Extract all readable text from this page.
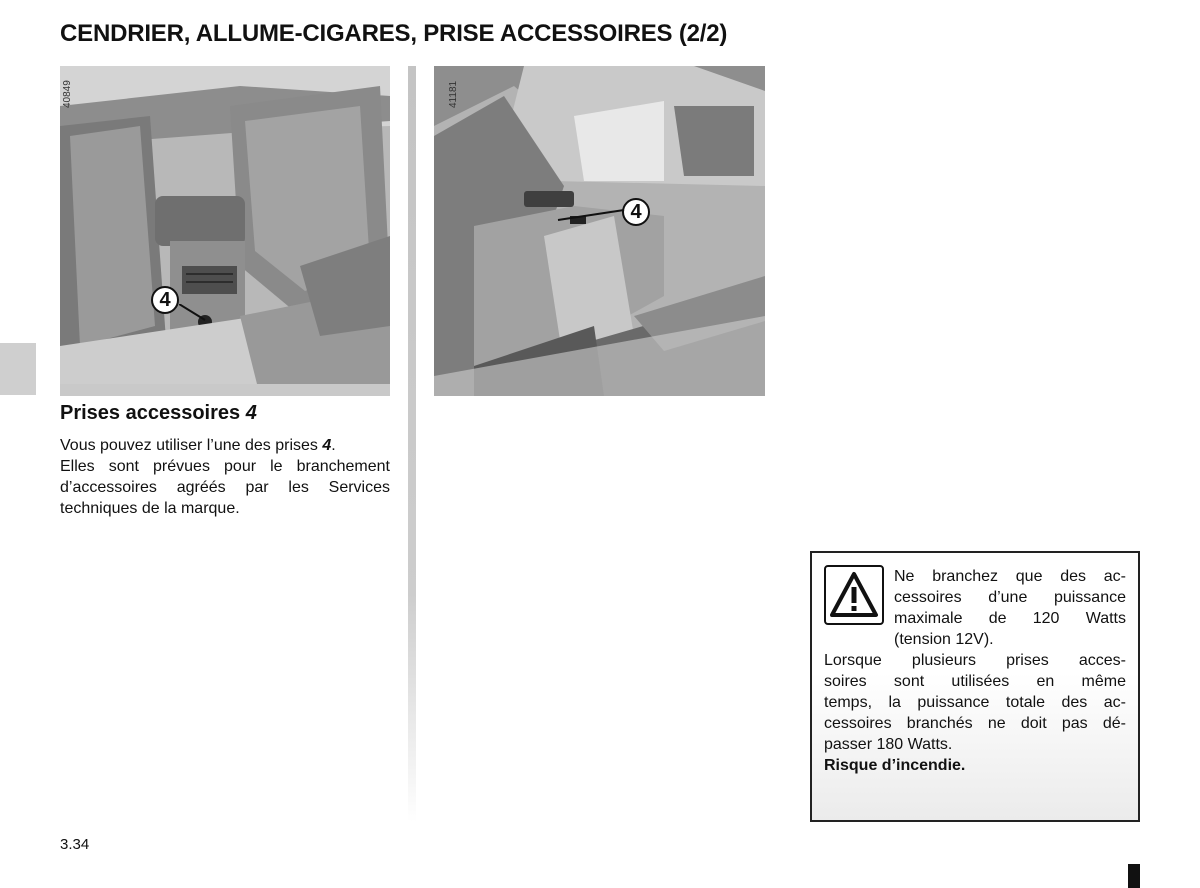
CENDRIER, ALLUME-CIGARES, PRISE ACCESSOIRES (2/2)
40849
4
41181
4
Prises accessoires 4
Vous pouvez utiliser l’une des prises 4.
Elles sont prévues pour le branchement
d’accessoires agréés par les Services
techniques de la marque.
Ne branchez que des ac-
cessoires d’une puissance
maximale de 120 Watts
(tension 12V).
Lorsque plusieurs prises acces-
soires sont utilisées en même
temps, la puissance totale des ac-
cessoires branchés ne doit pas dé-
passer 180 Watts.
Risque d’incendie.
3.34
